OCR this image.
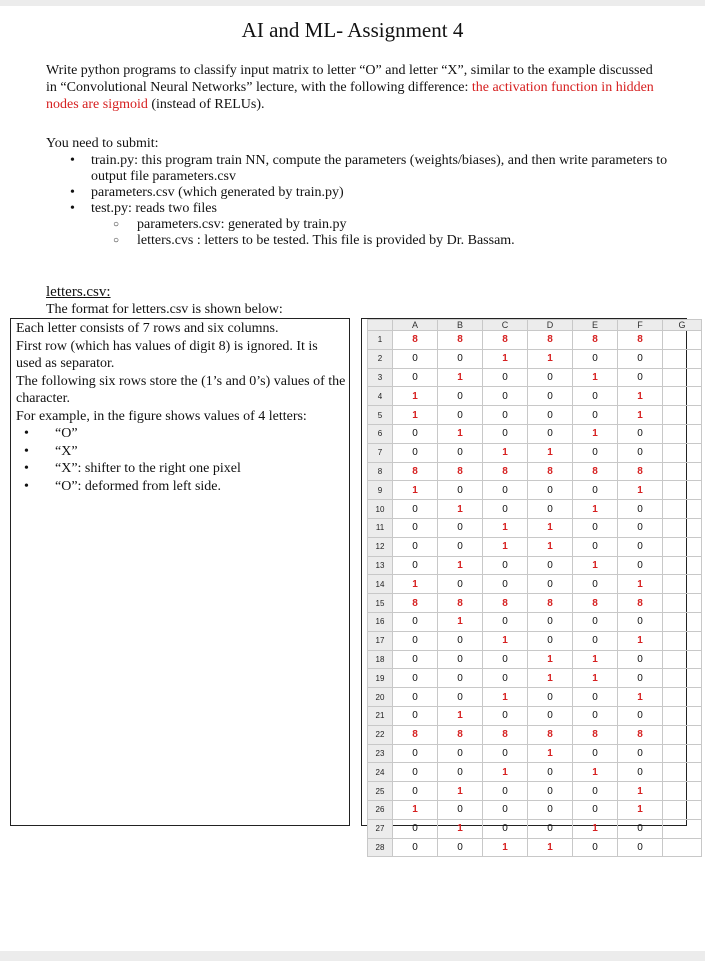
AI and ML- Assignment 4
Write python programs to classify input matrix to letter “O” and letter “X”, similar to the example discussed in “Convolutional Neural Networks” lecture, with the following difference: the activation function in hidden nodes are sigmoid (instead of RELUs).
You need to submit:
• train.py: this program train NN, compute the parameters (weights/biases), and then write parameters to output file parameters.csv
• parameters.csv (which generated by train.py)
• test.py: reads two files
○ parameters.csv: generated by train.py
○ letters.cvs : letters to be tested. This file is provided by Dr. Bassam.
letters.csv:
The format for letters.csv is shown below:
Each letter consists of 7 rows and six columns.
First row (which has values of digit 8) is ignored. It is used as separator.
The following six rows store the (1’s and 0’s) values of the character.
For example, in the figure shows values of 4 letters:
• “O”
• “X”
• “X”: shifter to the right one pixel
• “O”: deformed from left side.
	A	B	C	D	E	F	G
1	8	8	8	8	8	8	
2	0	0	1	1	0	0	
3	0	1	0	0	1	0	
4	1	0	0	0	0	1	
5	1	0	0	0	0	1	
6	0	1	0	0	1	0	
7	0	0	1	1	0	0	
8	8	8	8	8	8	8	
9	1	0	0	0	0	1	
10	0	1	0	0	1	0	
11	0	0	1	1	0	0	
12	0	0	1	1	0	0	
13	0	1	0	0	1	0	
14	1	0	0	0	0	1	
15	8	8	8	8	8	8	
16	0	1	0	0	0	0	
17	0	0	1	0	0	1	
18	0	0	0	1	1	0	
19	0	0	0	1	1	0	
20	0	0	1	0	0	1	
21	0	1	0	0	0	0	
22	8	8	8	8	8	8	
23	0	0	0	1	0	0	
24	0	0	1	0	1	0	
25	0	1	0	0	0	1	
26	1	0	0	0	0	1	
27	0	1	0	0	1	0	
28	0	0	1	1	0	0	
